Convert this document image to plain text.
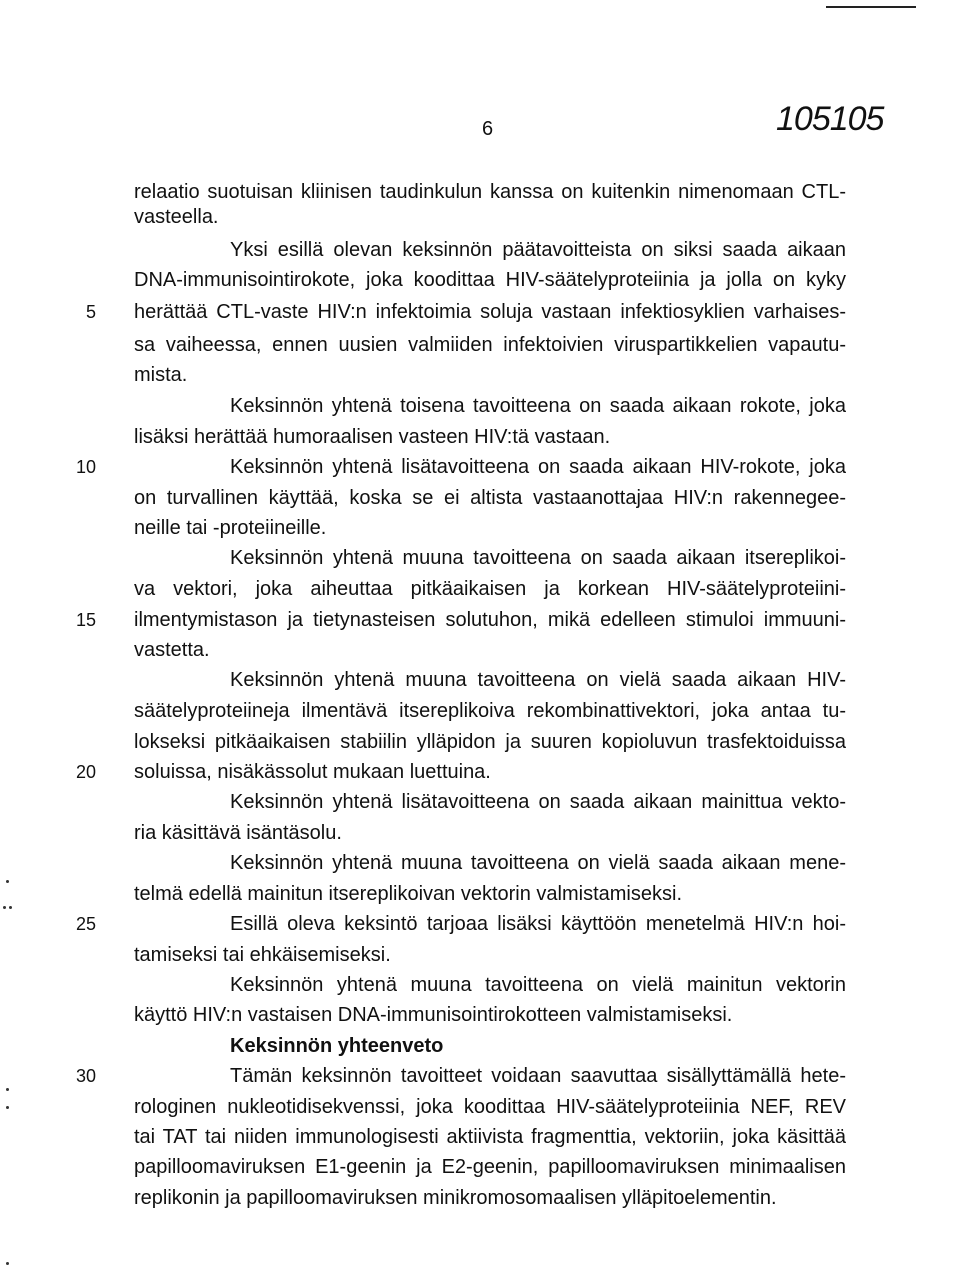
6	105105
5
10
15
20
25
30
relaatio suotuisan kliinisen taudinkulun kanssa on kuitenkin nimenomaan CTL-
vasteella.
Yksi esillä olevan keksinnön päätavoitteista on siksi saada aikaan
DNA-immunisointirokote, joka koodittaa HIV-säätelyproteiinia ja jolla on kyky
herättää CTL-vaste HIV:n infektoimia soluja vastaan infektiosyklien varhaises-
sa vaiheessa, ennen uusien valmiiden infektoivien viruspartikkelien vapautu-
mista.
Keksinnön yhtenä toisena tavoitteena on saada aikaan rokote, joka
lisäksi herättää humoraalisen vasteen HIV:tä vastaan.
Keksinnön yhtenä lisätavoitteena on saada aikaan HIV-rokote, joka
on turvallinen käyttää, koska se ei altista vastaanottajaa HIV:n rakennegee-
neille tai -proteiineille.
Keksinnön yhtenä muuna tavoitteena on saada aikaan itsereplikoi-
va vektori, joka aiheuttaa pitkäaikaisen ja korkean HIV-säätelyproteiini-
ilmentymistason ja tietynasteisen solutuhon, mikä edelleen stimuloi immuuni-
vastetta.
Keksinnön yhtenä muuna tavoitteena on vielä saada aikaan HIV-
säätelyproteiineja ilmentävä itsereplikoiva rekombinattivektori, joka antaa tu-
lokseksi pitkäaikaisen stabiilin ylläpidon ja suuren kopioluvun trasfektoiduissa
soluissa, nisäkässolut mukaan luettuina.
Keksinnön yhtenä lisätavoitteena on saada aikaan mainittua vekto-
ria käsittävä isäntäsolu.
Keksinnön yhtenä muuna tavoitteena on vielä saada aikaan mene-
telmä edellä mainitun itsereplikoivan vektorin valmistamiseksi.
Esillä oleva keksintö tarjoaa lisäksi käyttöön menetelmä HIV:n hoi-
tamiseksi tai ehkäisemiseksi.
Keksinnön yhtenä muuna tavoitteena on vielä mainitun vektorin
käyttö HIV:n vastaisen DNA-immunisointirokotteen valmistamiseksi.
Keksinnön yhteenveto
Tämän keksinnön tavoitteet voidaan saavuttaa sisällyttämällä hete-
rologinen nukleotidisekvenssi, joka koodittaa HIV-säätelyproteiinia NEF, REV
tai TAT tai niiden immunologisesti aktiivista fragmenttia, vektoriin, joka käsittää
papilloomaviruksen E1-geenin ja E2-geenin, papilloomaviruksen minimaalisen
replikonin ja papilloomaviruksen minikromosomaalisen ylläpitoelementin.
